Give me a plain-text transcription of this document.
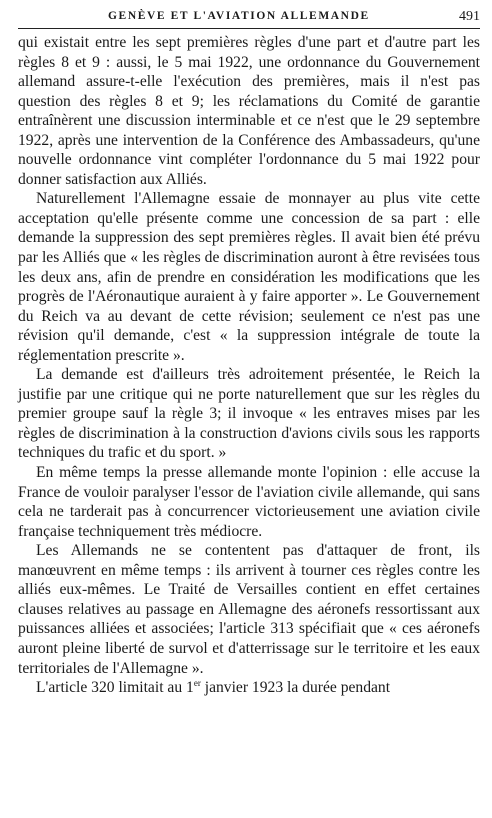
GENÈVE ET L'AVIATION ALLEMANDE	491

qui existait entre les sept premières règles d'une part et d'autre part les règles 8 et 9 : aussi, le 5 mai 1922, une ordonnance du Gouvernement allemand assure-t-elle l'exécution des premières, mais il n'est pas question des règles 8 et 9; les réclamations du Comité de garantie entraînèrent une discussion interminable et ce n'est que le 29 septembre 1922, après une intervention de la Conférence des Ambassadeurs, qu'une nouvelle ordonnance vint compléter l'ordonnance du 5 mai 1922 pour donner satisfaction aux Alliés.

Naturellement l'Allemagne essaie de monnayer au plus vite cette acceptation qu'elle présente comme une concession de sa part : elle demande la suppression des sept premières règles. Il avait bien été prévu par les Alliés que « les règles de discrimination auront à être revisées tous les deux ans, afin de prendre en considération les modifications que les progrès de l'Aéronautique auraient à y faire apporter ». Le Gouvernement du Reich va au devant de cette révision; seulement ce n'est pas une révision qu'il demande, c'est « la suppression intégrale de toute la réglementation prescrite ».

La demande est d'ailleurs très adroitement présentée, le Reich la justifie par une critique qui ne porte naturellement que sur les règles du premier groupe sauf la règle 3; il invoque « les entraves mises par les règles de discrimination à la construction d'avions civils sous les rapports techniques du trafic et du sport. »

En même temps la presse allemande monte l'opinion : elle accuse la France de vouloir paralyser l'essor de l'aviation civile allemande, qui sans cela ne tarderait pas à concurrencer victorieusement une aviation civile française techniquement très médiocre.

Les Allemands ne se contentent pas d'attaquer de front, ils manœuvrent en même temps : ils arrivent à tourner ces règles contre les alliés eux-mêmes. Le Traité de Versailles contient en effet certaines clauses relatives au passage en Allemagne des aéronefs ressortissant aux puissances alliées et associées; l'article 313 spécifiait que « ces aéronefs auront pleine liberté de survol et d'atterrissage sur le territoire et les eaux territoriales de l'Allemagne ».

L'article 320 limitait au 1er janvier 1923 la durée pendant
